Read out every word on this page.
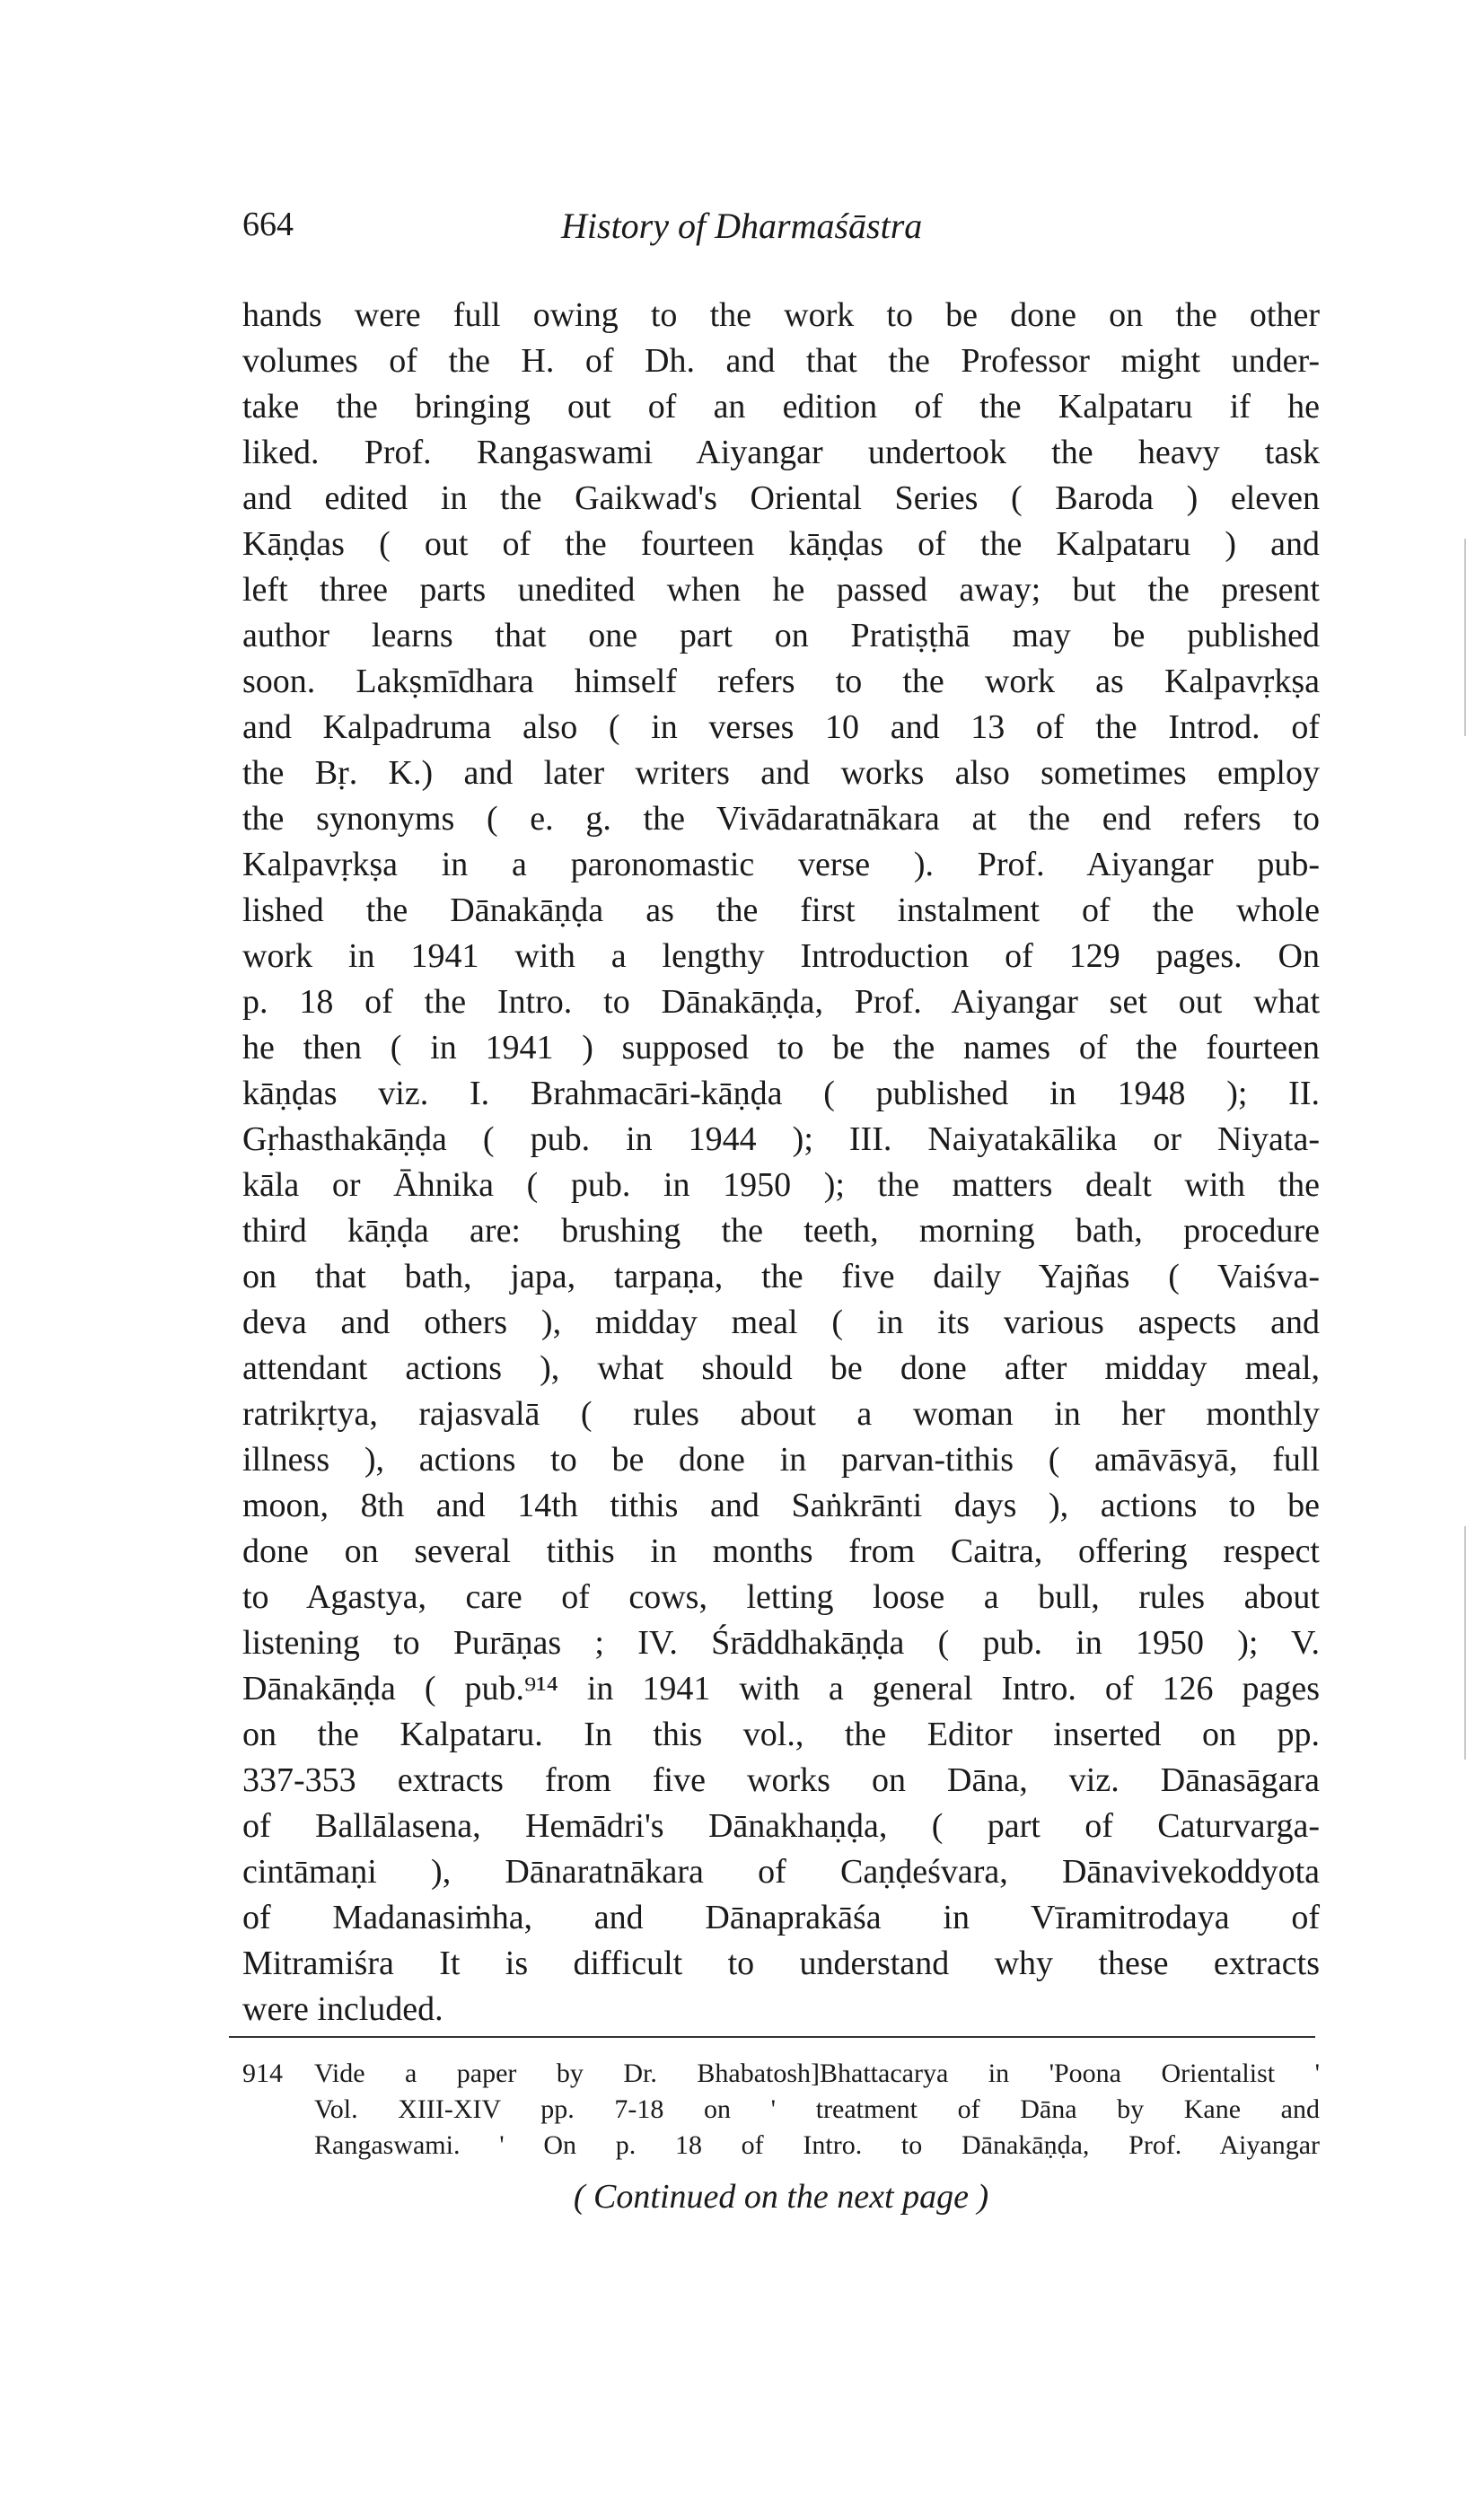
664	History of Dharmaśāstra
hands were full owing to the work to be done on the other
volumes of the H. of Dh. and that the Professor might under-
take the bringing out of an edition of the Kalpataru if he
liked. Prof. Rangaswami Aiyangar undertook the heavy task
and edited in the Gaikwad's Oriental Series ( Baroda ) eleven
Kāṇḍas ( out of the fourteen kāṇḍas of the Kalpataru ) and
left three parts unedited when he passed away; but the present
author learns that one part on Pratiṣṭhā may be published
soon. Lakṣmīdhara himself refers to the work as Kalpavṛkṣa
and Kalpadruma also ( in verses 10 and 13 of the Introd. of
the Bṛ. K.) and later writers and works also sometimes employ
the synonyms ( e. g. the Vivādaratnākara at the end refers to
Kalpavṛkṣa in a paronomastic verse ). Prof. Aiyangar pub-
lished the Dānakāṇḍa as the first instalment of the whole
work in 1941 with a lengthy Introduction of 129 pages. On
p. 18 of the Intro. to Dānakāṇḍa, Prof. Aiyangar set out what
he then ( in 1941 ) supposed to be the names of the fourteen
kāṇḍas viz. I. Brahmacāri-kāṇḍa ( published in 1948 ); II.
Gṛhasthakāṇḍa ( pub. in 1944 ); III. Naiyatakālika or Niyata-
kāla or Āhnika ( pub. in 1950 ); the matters dealt with the
third kāṇḍa are: brushing the teeth, morning bath, procedure
on that bath, japa, tarpaṇa, the five daily Yajñas ( Vaiśva-
deva and others ), midday meal ( in its various aspects and
attendant actions ), what should be done after midday meal,
ratrikṛtya, rajasvalā ( rules about a woman in her monthly
illness ), actions to be done in parvan-tithis ( amāvāsyā, full
moon, 8th and 14th tithis and Saṅkrānti days ), actions to be
done on several tithis in months from Caitra, offering respect
to Agastya, care of cows, letting loose a bull, rules about
listening to Purāṇas ; IV. Śrāddhakāṇḍa ( pub. in 1950 ); V.
Dānakāṇḍa ( pub.⁹¹⁴ in 1941 with a general Intro. of 126 pages
on the Kalpataru. In this vol., the Editor inserted on pp.
337-353 extracts from five works on Dāna, viz. Dānasāgara
of Ballālasena, Hemādri's Dānakhaṇḍa, ( part of Caturvarga-
cintāmaṇi ), Dānaratnākara of Caṇḍeśvara, Dānavivekoddyota
of Madanasiṁha, and Dānaprakāśa in Vīramitrodaya of
Mitramiśra It is difficult to understand why these extracts
were included.
914	Vide a paper by Dr. Bhabatosh]Bhattacarya in 'Poona Orientalist '
Vol. XIII-XIV pp. 7-18 on ' treatment of Dāna by Kane and
Rangaswami. ' On p. 18 of Intro. to Dānakāṇḍa, Prof. Aiyangar
( Continued on the next page )
